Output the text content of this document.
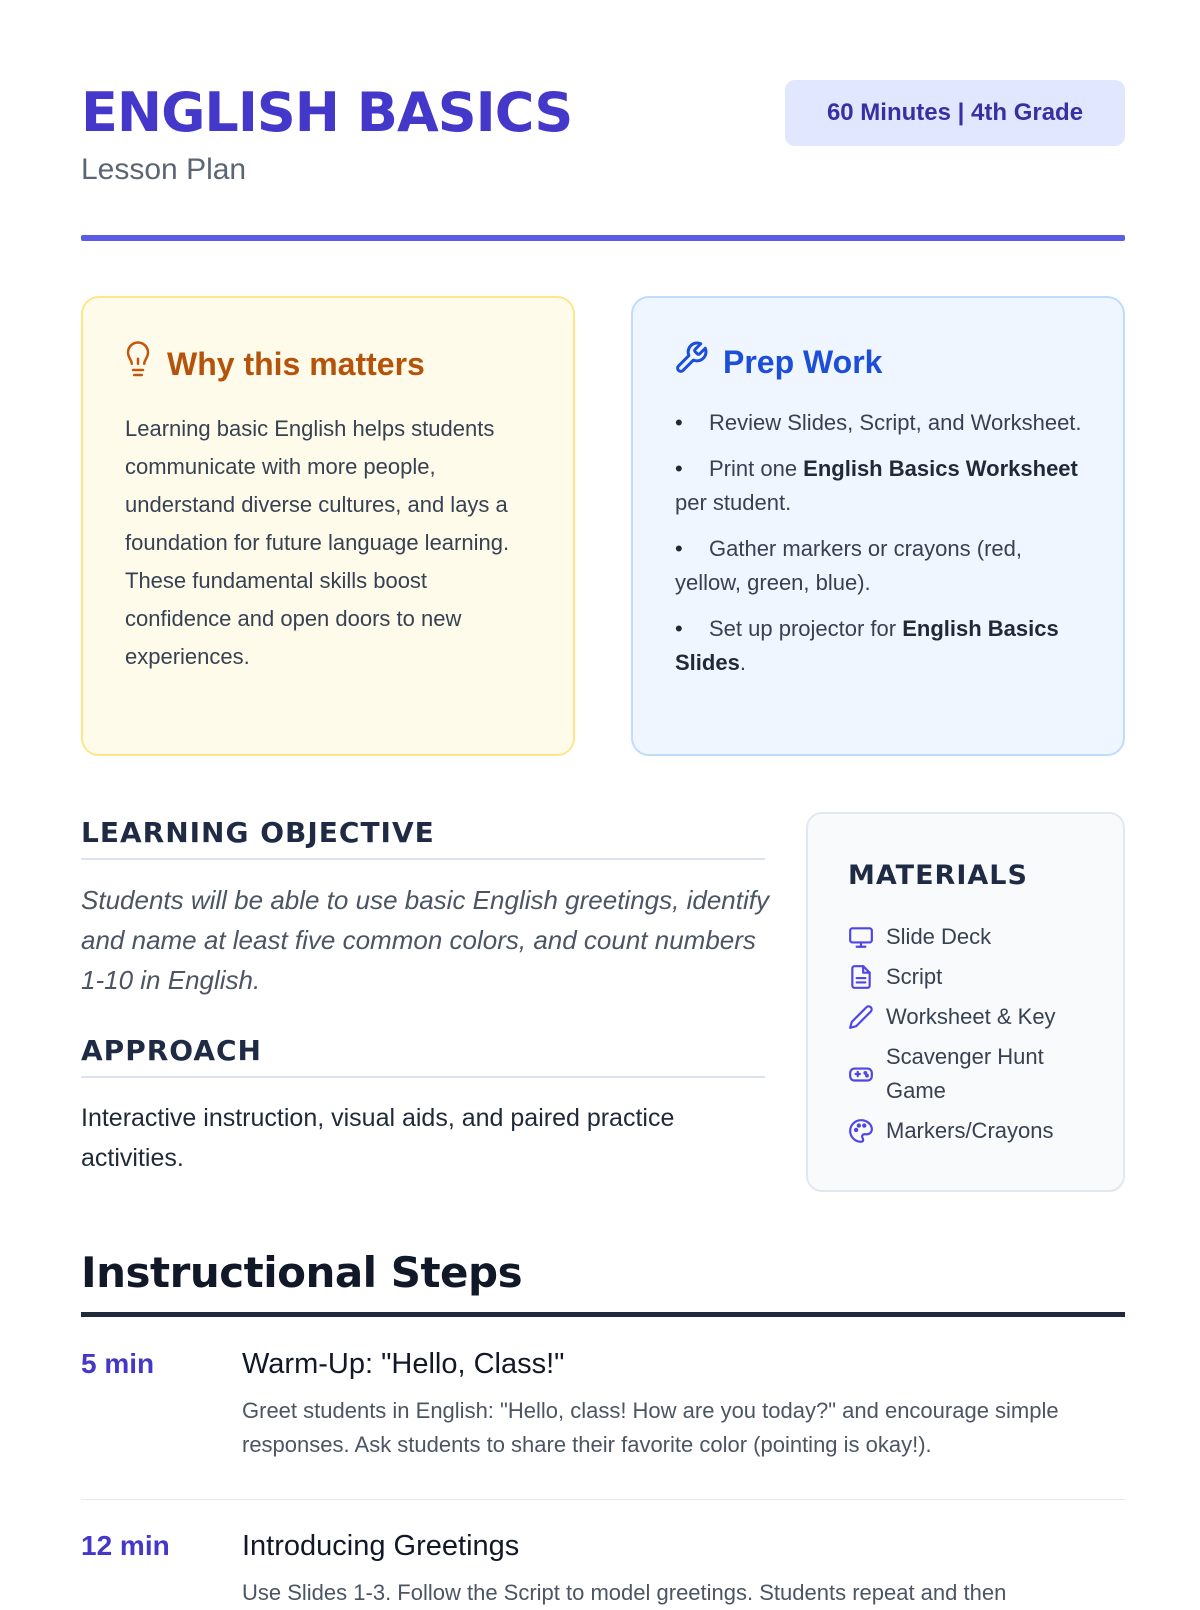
ENGLISH BASICS
Lesson Plan
60 Minutes | 4th Grade
Why this matters
Learning basic English helps students communicate with more people, understand diverse cultures, and lays a foundation for future language learning. These fundamental skills boost confidence and open doors to new experiences.
Prep Work
• Review Slides, Script, and Worksheet.
• Print one English Basics Worksheet per student.
• Gather markers or crayons (red, yellow, green, blue).
• Set up projector for English Basics Slides.
LEARNING OBJECTIVE
Students will be able to use basic English greetings, identify and name at least five common colors, and count numbers 1-10 in English.
APPROACH
Interactive instruction, visual aids, and paired practice activities.
MATERIALS
Slide Deck
Script
Worksheet & Key
Scavenger Hunt Game
Markers/Crayons
Instructional Steps
5 min	Warm-Up: "Hello, Class!"
Greet students in English: "Hello, class! How are you today?" and encourage simple responses. Ask students to share their favorite color (pointing is okay!).
12 min Introducing Greetings
Use Slides 1-3. Follow the Script to model greetings. Students repeat and then
